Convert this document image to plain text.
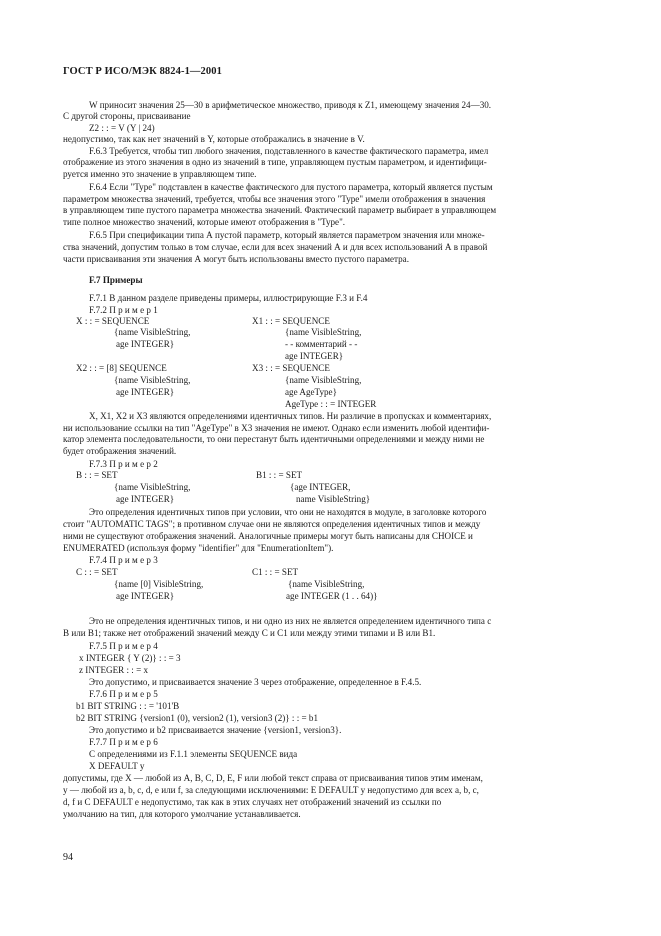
ГОСТ Р ИСО/МЭК 8824-1—2001
W приносит значения 25—30 в арифметическое множество, приводя к Z1, имеющему значения 24—30.
С другой стороны, присваивание
Z2 : : = V (Y | 24)
недопустимо, так как нет значений в Y, которые отображались в значение в V.
F.6.3 Требуется, чтобы тип любого значения, подставленного в качестве фактического параметра, имел
отображение из этого значения в одно из значений в типе, управляющем пустым параметром, и идентифици-
руется именно это значение в управляющем типе.
F.6.4 Если "Type" подставлен в качестве фактического для пустого параметра, который является пустым
параметром множества значений, требуется, чтобы все значения этого "Type" имели отображения в значения
в управляющем типе пустого параметра множества значений. Фактический параметр выбирает в управляющем
типе полное множество значений, которые имеют отображения в "Type".
F.6.5 При спецификации типа А пустой параметр, который является параметром значения или множе-
ства значений, допустим только в том случае, если для всех значений А и для всех использований А в правой
части присваивания эти значения А могут быть использованы вместо пустого параметра.
F.7 Примеры
F.7.1 В данном разделе приведены примеры, иллюстрирующие F.3 и F.4
F.7.2 П р и м е р 1
X : : = SEQUENCE
{name VisibleString,
age INTEGER}
X1 : : = SEQUENCE
{name VisibleString,
- - комментарий - -
age INTEGER}
X2 : : = [8] SEQUENCE
{name VisibleString,
age INTEGER}
X3 : : = SEQUENCE
{name VisibleString,
age AgeType}
AgeType : : = INTEGER
X, X1, X2 и X3 являются определениями идентичных типов. Ни различие в пропусках и комментариях,
ни использование ссылки на тип "AgeType" в X3 значения не имеют. Однако если изменить любой идентифи-
катор элемента последовательности, то они перестанут быть идентичными определениями и между ними не
будет отображения значений.
F.7.3 П р и м е р 2
B : : = SET
{name VisibleString,
age INTEGER}
B1 : : = SET
{age INTEGER,
name VisibleString}
Это определения идентичных типов при условии, что они не находятся в модуле, в заголовке которого
стоит "AUTOMATIC TAGS"; в противном случае они не являются определения идентичных типов и между
ними не существуют отображения значений. Аналогичные примеры могут быть написаны для CHOICE и
ENUMERATED (используя форму "identifier" для "EnumerationItem").
F.7.4 П р и м е р 3
C : : = SET
{name [0] VisibleString,
age INTEGER}
C1 : : = SET
{name VisibleString,
age INTEGER (1 . . 64)}
Это не определения идентичных типов, и ни одно из них не является определением идентичного типа с
B или B1; также нет отображений значений между C и C1 или между этими типами и B или B1.
F.7.5 П р и м е р 4
x INTEGER { Y (2)} : : = 3
z INTEGER : : = x
Это допустимо, и присваивается значение 3 через отображение, определенное в F.4.5.
F.7.6 П р и м е р 5
b1 BIT STRING : : = '101'B
b2 BIT STRING {version1 (0), version2 (1), version3 (2)} : : = b1
Это допустимо и b2 присваивается значение {version1, version3}.
F.7.7 П р и м е р 6
С определениями из F.1.1 элементы SEQUENCE вида
X DEFAULT y
допустимы, где X — любой из A, B, C, D, E, F или любой текст справа от присваивания типов этим именам,
y — любой из a, b, c, d, e или f, за следующими исключениями: E DEFAULT y недопустимо для всех a, b, c,
d, f и C DEFAULT e недопустимо, так как в этих случаях нет отображений значений из ссылки по
умолчанию на тип, для которого умолчание устанавливается.
94
